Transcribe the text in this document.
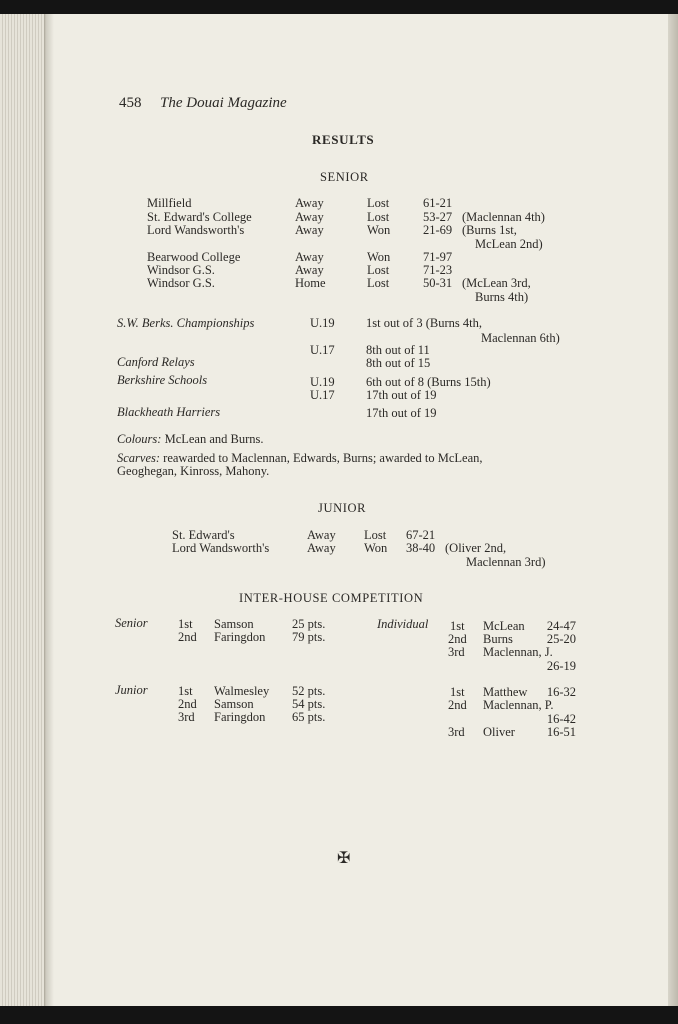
458 The Douai Magazine
RESULTS
SENIOR
Millfield	Away	Lost	61-21
St. Edward's College	Away	Lost	53-27 (Maclennan 4th)
Lord Wandsworth's	Away	Won	21-69 (Burns 1st,
McLean 2nd)
Bearwood College	Away	Won	71-97
Windsor G.S.	Away	Lost	71-23
Windsor G.S.	Home	Lost	50-31 (McLean 3rd,
Burns 4th)
S.W. Berks. Championships	U.19	1st out of 3 (Burns 4th,
Maclennan 6th)
U.17	8th out of 11
Canford Relays	8th out of 15
Berkshire Schools	U.19	6th out of 8 (Burns 15th)
U.17	17th out of 19
Blackheath Harriers	17th out of 19
Colours: McLean and Burns.
Scarves: reawarded to Maclennan, Edwards, Burns; awarded to McLean,
Geoghegan, Kinross, Mahony.
JUNIOR
St. Edward's	Away Lost 67-21
Lord Wandsworth's	Away Won 38-40 (Oliver 2nd,
Maclennan 3rd)
INTER-HOUSE COMPETITION
Senior 1st Samson	25 pts.
2nd Faringdon 79 pts.
Junior 1st Walmesley 52 pts.
2nd Samson	54 pts.
3rd Faringdon 65 pts.
Individual 1st McLean	24-47
2nd Burns	25-20
3rd Maclennan, J.
26-19
1st Matthew	16-32
2nd Maclennan, P.
16-42
3rd Oliver	16-51
✠
